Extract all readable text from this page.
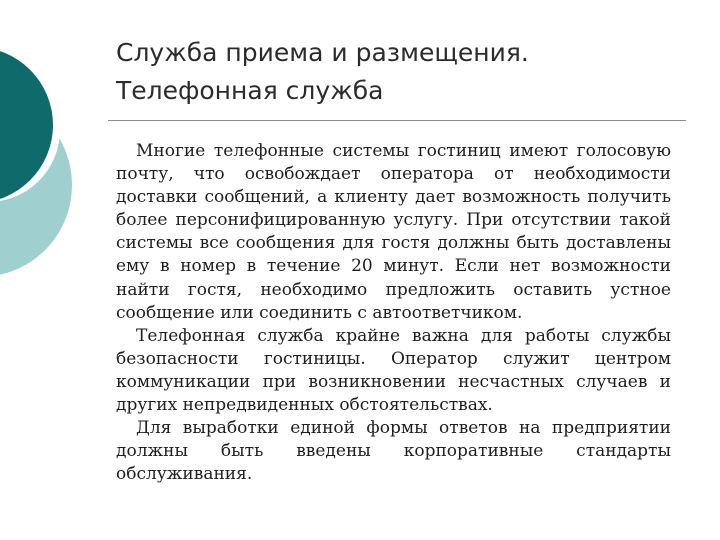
Служба приема и размещения.
Телефонная служба

Многие телефонные системы гостиниц имеют голосовую почту, что освобождает оператора от необходимости доставки сообщений, а клиенту дает возможность получить более персонифицированную услугу. При отсутствии такой системы все сообщения для гостя должны быть доставлены ему в номер в течение 20 минут. Если нет возможности найти гостя, необходимо предложить оставить устное сообщение или соединить с автоответчиком.

Телефонная служба крайне важна для работы службы безопасности гостиницы. Оператор служит центром коммуникации при возникновении несчастных случаев и других непредвиденных обстоятельствах.

Для выработки единой формы ответов на предприятии должны быть введены корпоративные стандарты обслуживания.
